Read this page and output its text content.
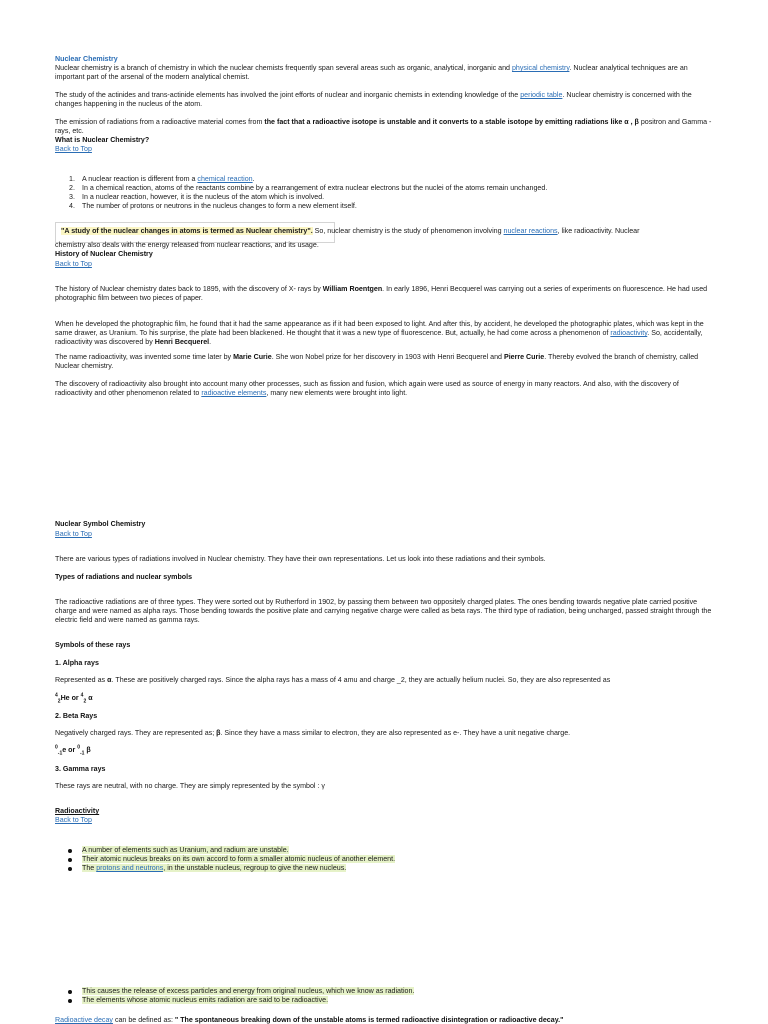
Nuclear Chemistry

Nuclear chemistry is a branch of chemistry in which the nuclear chemists frequently span several areas such as organic, analytical, inorganic and physical chemistry. Nuclear analytical techniques are an important part of the arsenal of the modern analytical chemist.

The study of the actinides and trans-actinide elements has involved the joint efforts of nuclear and inorganic chemists in extending knowledge of the periodic table. Nuclear chemistry is concerned with the changes happening in the nucleus of the atom.

The emission of radiations from a radioactive material comes from the fact that a radioactive isotope is unstable and it converts to a stable isotope by emitting radiations like α , β positron and Gamma -rays, etc.

What is Nuclear Chemistry?
Back to Top
1. A nuclear reaction is different from a chemical reaction.
2. In a chemical reaction, atoms of the reactants combine by a rearrangement of extra nuclear electrons but the nuclei of the atoms remain unchanged.
3. In a nuclear reaction, however, it is the nucleus of the atom which is involved.
4. The number of protons or neutrons in the nucleus changes to form a new element itself.

"A study of the nuclear changes in atoms is termed as Nuclear chemistry". So, nuclear chemistry is the study of phenomenon involving nuclear reactions, like radioactivity. Nuclear

chemistry also deals with the energy released from nuclear reactions, and its usage.

History of Nuclear Chemistry
Back to Top

The history of Nuclear chemistry dates back to 1895, with the discovery of X- rays by William Roentgen. In early 1896, Henri Becquerel was carrying out a series of experiments on fluorescence. He had used photographic film between two pieces of paper.

When he developed the photographic film, he found that it had the same appearance as if it had been exposed to light. And after this, by accident, he developed the photographic plates, which was kept in the same drawer, as Uranium. To his surprise, the plate had been blackened. He thought that it was a new type of fluorescence. But, actually, he had come across a phenomenon of radioactivity. So, accidentally, radioactivity was discovered by Henri Becquerel.

The name radioactivity, was invented some time later by Marie Curie. She won Nobel prize for her discovery in 1903 with Henri Becquerel and Pierre Curie. Thereby evolved the branch of chemistry, called Nuclear chemistry.

The discovery of radioactivity also brought into account many other processes, such as fission and fusion, which again were used as source of energy in many reactors. And also, with the discovery of radioactivity and other phenomenon related to radioactive elements, many new elements were brought into light.

Nuclear Symbol Chemistry
Back to Top

There are various types of radiations involved in Nuclear chemistry. They have their own representations. Let us look into these radiations and their symbols.

Types of radiations and nuclear symbols

The radioactive radiations are of three types. They were sorted out by Rutherford in 1902, by passing them between two oppositely charged plates. The ones bending towards negative plate carried positive charge and were named as alpha rays. Those bending towards the positive plate and carrying negative charge were called as beta rays. The third type of radiation, being uncharged, passed straight through the electric field and were named as gamma rays.

Symbols of these rays
1. Alpha rays

Represented as α. These are positively charged rays. Since the alpha rays has a mass of 4 amu and charge _2, they are actually helium nuclei. So, they are also represented as

$^4_2$He or $^4_2$ α

2. Beta Rays

Negatively charged rays. They are represented as; β. Since they have a mass similar to electron, they are also represented as e-. They have a unit negative charge.

$^0_{-1}$e or $^0_{-1}$ β

3. Gamma rays

These rays are neutral, with no charge. They are simply represented by the symbol : γ

Radioactivity
Back to Top
A number of elements such as Uranium, and radium are unstable.
Their atomic nucleus breaks on its own accord to form a smaller atomic nucleus of another element.
The protons and neutrons, in the unstable nucleus, regroup to give the new nucleus.
This causes the release of excess particles and energy from original nucleus, which we know as radiation.
The elements whose atomic nucleus emits radiation are said to be radioactive.

Radioactive decay can be defined as: " The spontaneous breaking down of the unstable atoms is termed radioactive disintegration or radioactive decay."
